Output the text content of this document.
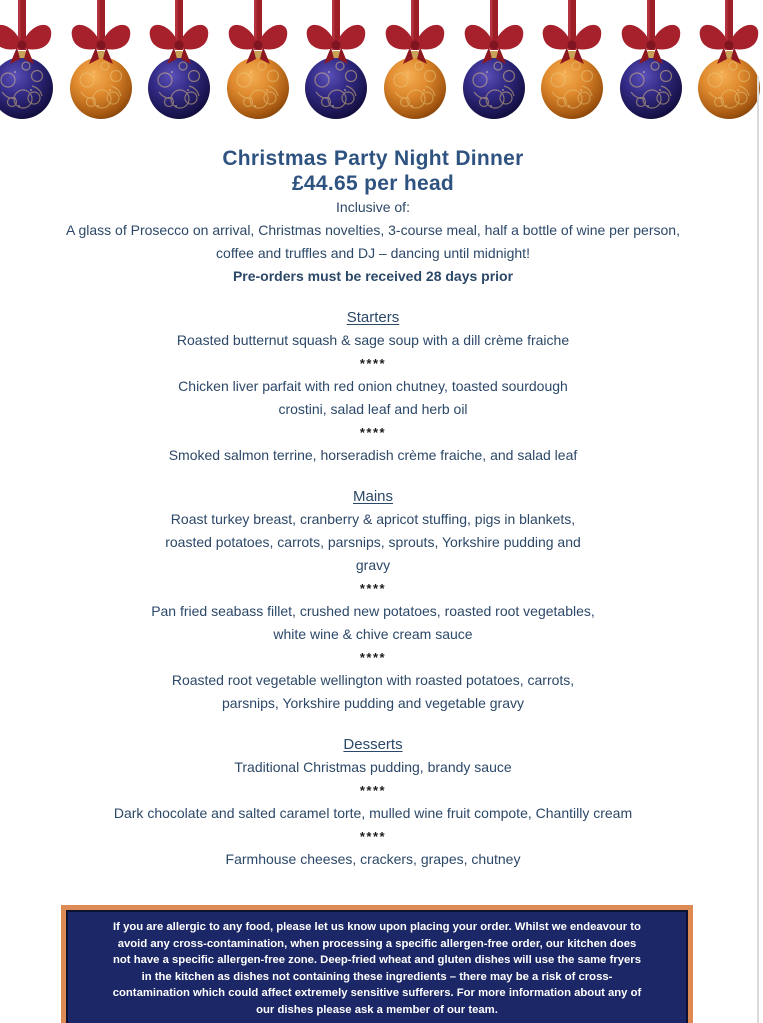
Christmas Party Night Dinner
£44.65 per head
Inclusive of:
A glass of Prosecco on arrival, Christmas novelties, 3-course meal, half a bottle of wine per person,
coffee and truffles and DJ – dancing until midnight!
Pre-orders must be received 28 days prior
Starters
Roasted butternut squash & sage soup with a dill crème fraiche
****
Chicken liver parfait with red onion chutney, toasted sourdough
crostini, salad leaf and herb oil
****
Smoked salmon terrine, horseradish crème fraiche, and salad leaf
Mains
Roast turkey breast, cranberry & apricot stuffing, pigs in blankets,
roasted potatoes, carrots, parsnips, sprouts, Yorkshire pudding and
gravy
****
Pan fried seabass fillet, crushed new potatoes, roasted root vegetables,
white wine & chive cream sauce
****
Roasted root vegetable wellington with roasted potatoes, carrots,
parsnips, Yorkshire pudding and vegetable gravy
Desserts
Traditional Christmas pudding, brandy sauce
****
Dark chocolate and salted caramel torte, mulled wine fruit compote, Chantilly cream
****
Farmhouse cheeses, crackers, grapes, chutney
If you are allergic to any food, please let us know upon placing your order. Whilst we endeavour to
avoid any cross-contamination, when processing a specific allergen-free order, our kitchen does
not have a specific allergen-free zone. Deep-fried wheat and gluten dishes will use the same fryers
in the kitchen as dishes not containing these ingredients – there may be a risk of cross-
contamination which could affect extremely sensitive sufferers. For more information about any of
our dishes please ask a member of our team.
